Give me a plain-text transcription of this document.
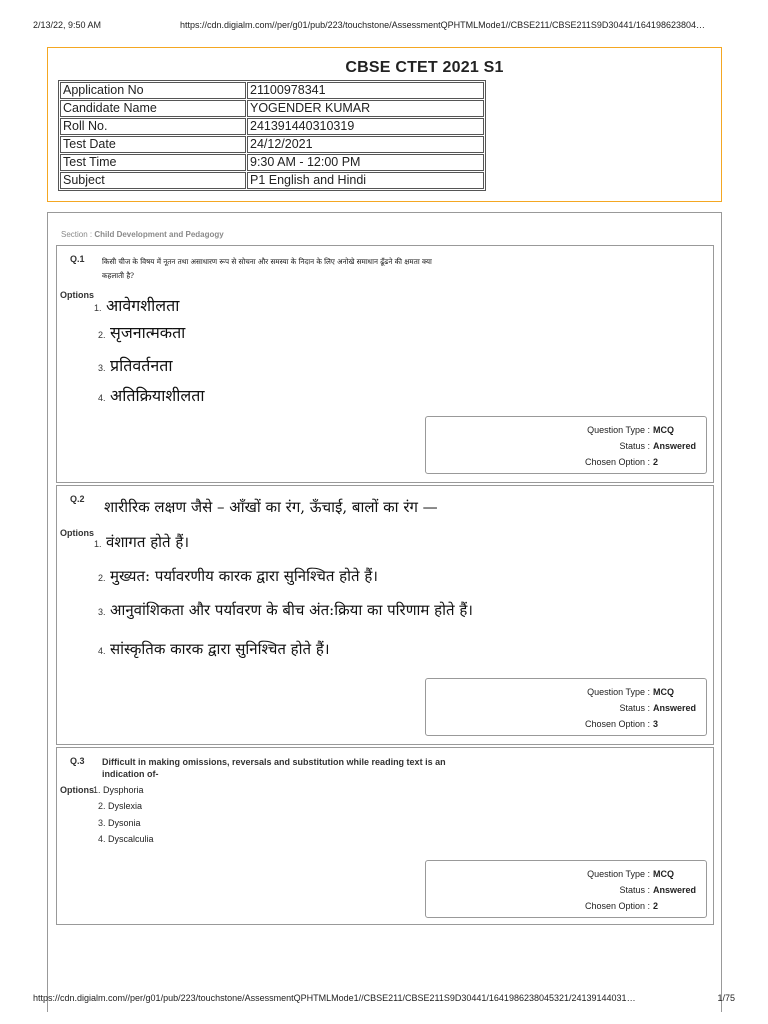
2/13/22, 9:50 AM	https://cdn.digialm.com//per/g01/pub/223/touchstone/AssessmentQPHTMLMode1//CBSE211/CBSE211S9D30441/164198623804…
CBSE CTET 2021 S1
Application No	21100978341
Candidate Name	YOGENDER KUMAR
Roll No.	241391440310319
Test Date	24/12/2021
Test Time	9:30 AM - 12:00 PM
Subject	P1 English and Hindi
Section : Child Development and Pedagogy
Q.1 किसी चीज के विषय में नूतन तथा असाधारण रूप से सोचना और समस्या के निदान के लिए अनोखे समाधान ढूँढने की क्षमता क्या
कहलाती है?
Options
1. आवेगशीलता
2. सृजनात्मकता
3. प्रतिवर्तनता
4. अतिक्रियाशीलता
Question Type : MCQ
Status : Answered
Chosen Option : 2
Q.2 शारीरिक लक्षण जैसे – आँखों का रंग, ऊँचाई, बालों का रंग —
Options
1. वंशागत होते हैं।
2. मुख्यत: पर्यावरणीय कारक द्वारा सुनिश्चित होते हैं।
3. आनुवांशिकता और पर्यावरण के बीच अंत:क्रिया का परिणाम होते हैं।
4. सांस्कृतिक कारक द्वारा सुनिश्चित होते हैं।
Question Type : MCQ
Status : Answered
Chosen Option : 3
Q.3 Difficult in making omissions, reversals and substitution while reading text is an
indication of-
Options 1. Dysphoria
2. Dyslexia
3. Dysonia
4. Dyscalculia
Question Type : MCQ
Status : Answered
Chosen Option : 2
https://cdn.digialm.com//per/g01/pub/223/touchstone/AssessmentQPHTMLMode1//CBSE211/CBSE211S9D30441/1641986238045321/24139144031…	1/75
